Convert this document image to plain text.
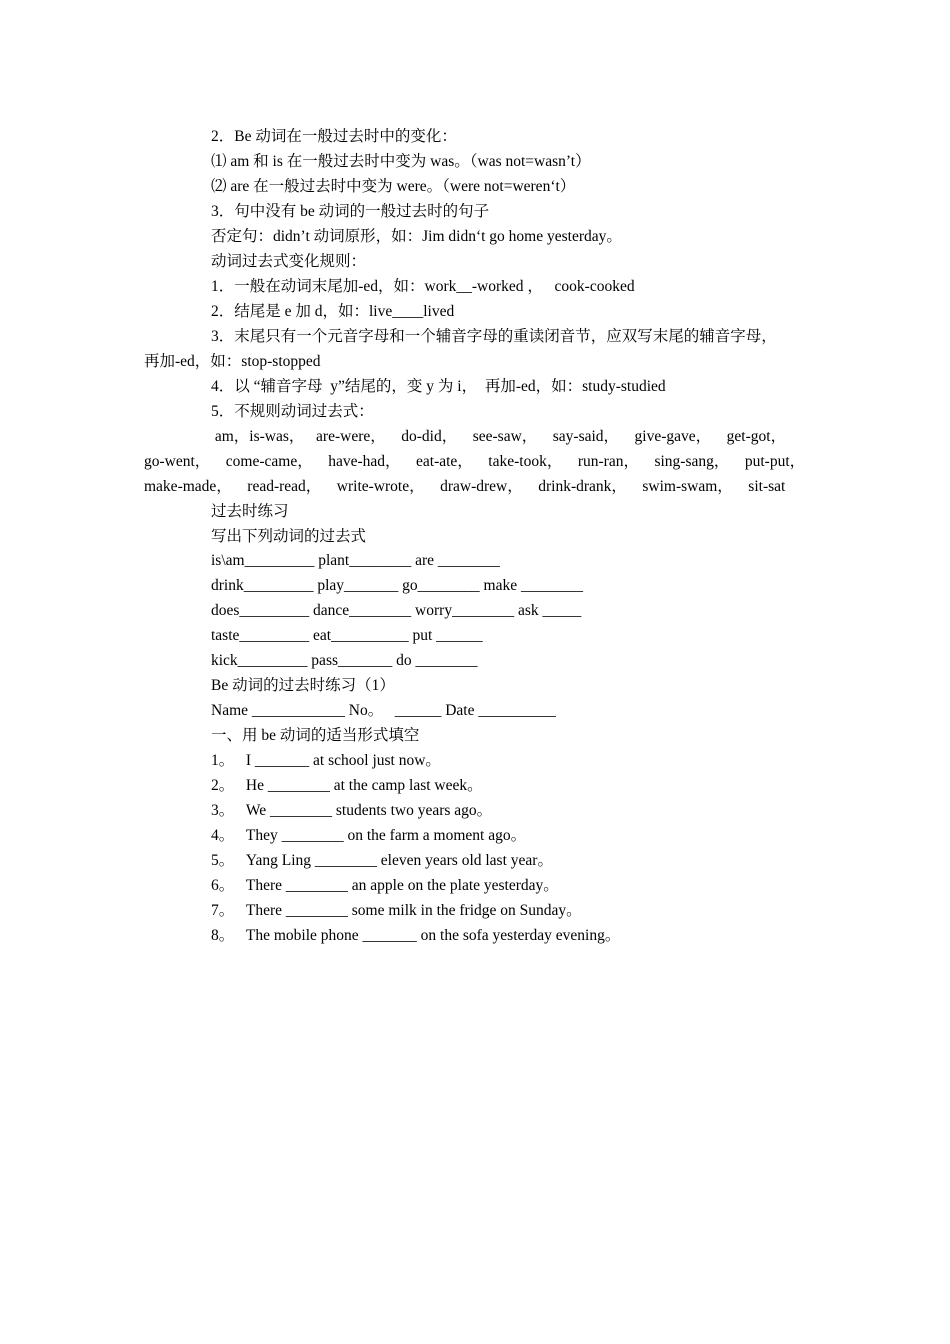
2．Be 动词在一般过去时中的变化：
⑴ am 和 is 在一般过去时中变为 was。（was not=wasn’t）
⑵ are 在一般过去时中变为 were。（were not=weren‘t）
3．句中没有 be 动词的一般过去时的句子
否定句：didn’t 动词原形，如：Jim didn‘t go home yesterday。
动词过去式变化规则：
1．一般在动词末尾加-ed，如：work__-worked ，   cook-cooked
2．结尾是 e 加 d，如：live____lived
3．末尾只有一个元音字母和一个辅音字母的重读闭音节，应双写末尾的辅音字母，
再加-ed，如：stop-stopped
4．以 “辅音字母  y”结尾的，变 y 为 i，  再加-ed，如：study-studied
5．不规则动词过去式：
am，is-was，   are-were，    do-did，    see-saw，    say-said，    give-gave，    get-got，
go-went，    come-came，    have-had，    eat-ate，    take-took，    run-ran，    sing-sang，    put-put，
make-made，    read-read，    write-wrote，    draw-drew，    drink-drank，    swim-swam，    sit-sat
过去时练习
写出下列动词的过去式
is\am_________ plant________ are ________
drink_________ play_______ go________ make ________
does_________ dance________ worry________ ask _____
taste_________ eat__________ put ______
kick_________ pass_______ do ________
Be 动词的过去时练习（1）
Name ____________ No。   ______ Date __________
一、用 be 动词的适当形式填空
1。   I _______ at school just now。
2。   He ________ at the camp last week。
3。   We ________ students two years ago。
4。   They ________ on the farm a moment ago。
5。   Yang Ling ________ eleven years old last year。
6。   There ________ an apple on the plate yesterday。
7。   There ________ some milk in the fridge on Sunday。
8。   The mobile phone _______ on the sofa yesterday evening。
